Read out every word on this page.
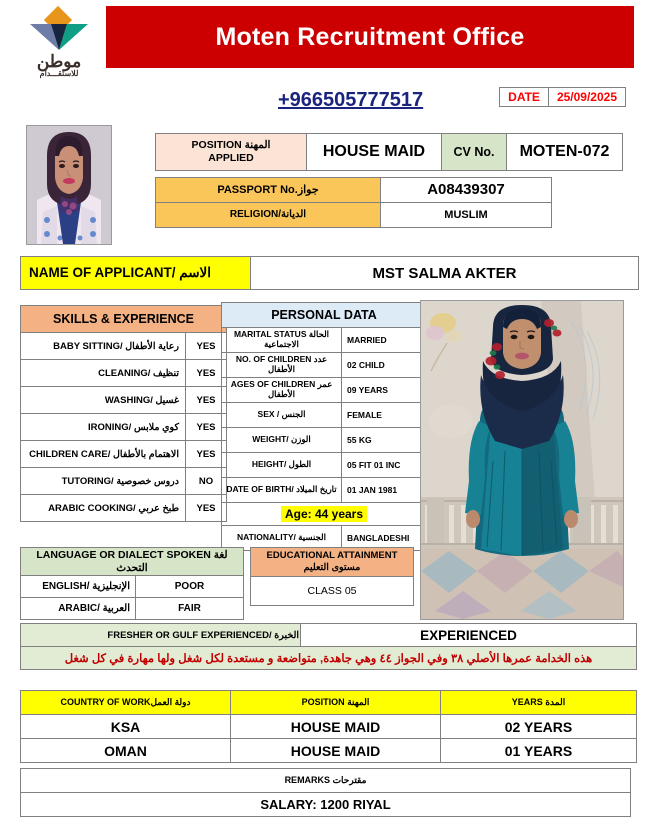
موطن
للاستقـــدام
Moten Recruitment Office
+966505777517	DATE	25/09/2025
POSITION المهنة
APPLIED	HOUSE MAID	CV No.	MOTEN-072
PASSPORT No.جواز	A08439307
RELIGION/الديانة	MUSLIM
NAME OF APPLICANT/ الاسم	MST SALMA AKTER
SKILLS & EXPERIENCE	
BABY SITTING/ رعاية الأطفال	YES
CLEANING/ تنظيف	YES
WASHING/ غسيل	YES
IRONING/ كوي ملابس	YES
CHILDREN CARE/ الاهتمام بالأطفال	YES
TUTORING/ دروس خصوصية	NO
ARABIC COOKING/ طبخ عربي	YES
PERSONAL DATA	
MARITAL STATUS الحالة الاجتماعية	MARRIED
NO. OF CHILDREN عدد الأطفال	02 CHILD
AGES OF CHILDREN عمر الأطفال	09 YEARS
SEX / الجنس	FEMALE
WEIGHT/ الوزن	55 KG
HEIGHT/ الطول	05 FIT 01 INC
DATE OF BIRTH/ تاريخ الميلاد	01 JAN 1981
Age: 44 years	
NATIONALITY/ الجنسية	BANGLADESHI
LANGUAGE OR DIALECT SPOKEN لغة التحدث	
ENGLISH/ الإنجليزية	POOR
ARABIC/ العربية	FAIR
EDUCATIONAL ATTAINMENT مستوى التعليم
CLASS 05
FRESHER OR GULF EXPERIENCED/ الخبرة	EXPERIENCED
هذه الخدامة عمرها الأصلي ٣٨ وفي الجواز ٤٤ وهي جاهدة, متواضعة و مستعدة لكل شغل ولها مهارة في كل شغل
COUNTRY OF WORKدولة العمل	POSITION المهنة	YEARS المدة
KSA	HOUSE MAID	02 YEARS
OMAN	HOUSE MAID	01 YEARS
REMARKS مقترحات
SALARY: 1200 RIYAL
